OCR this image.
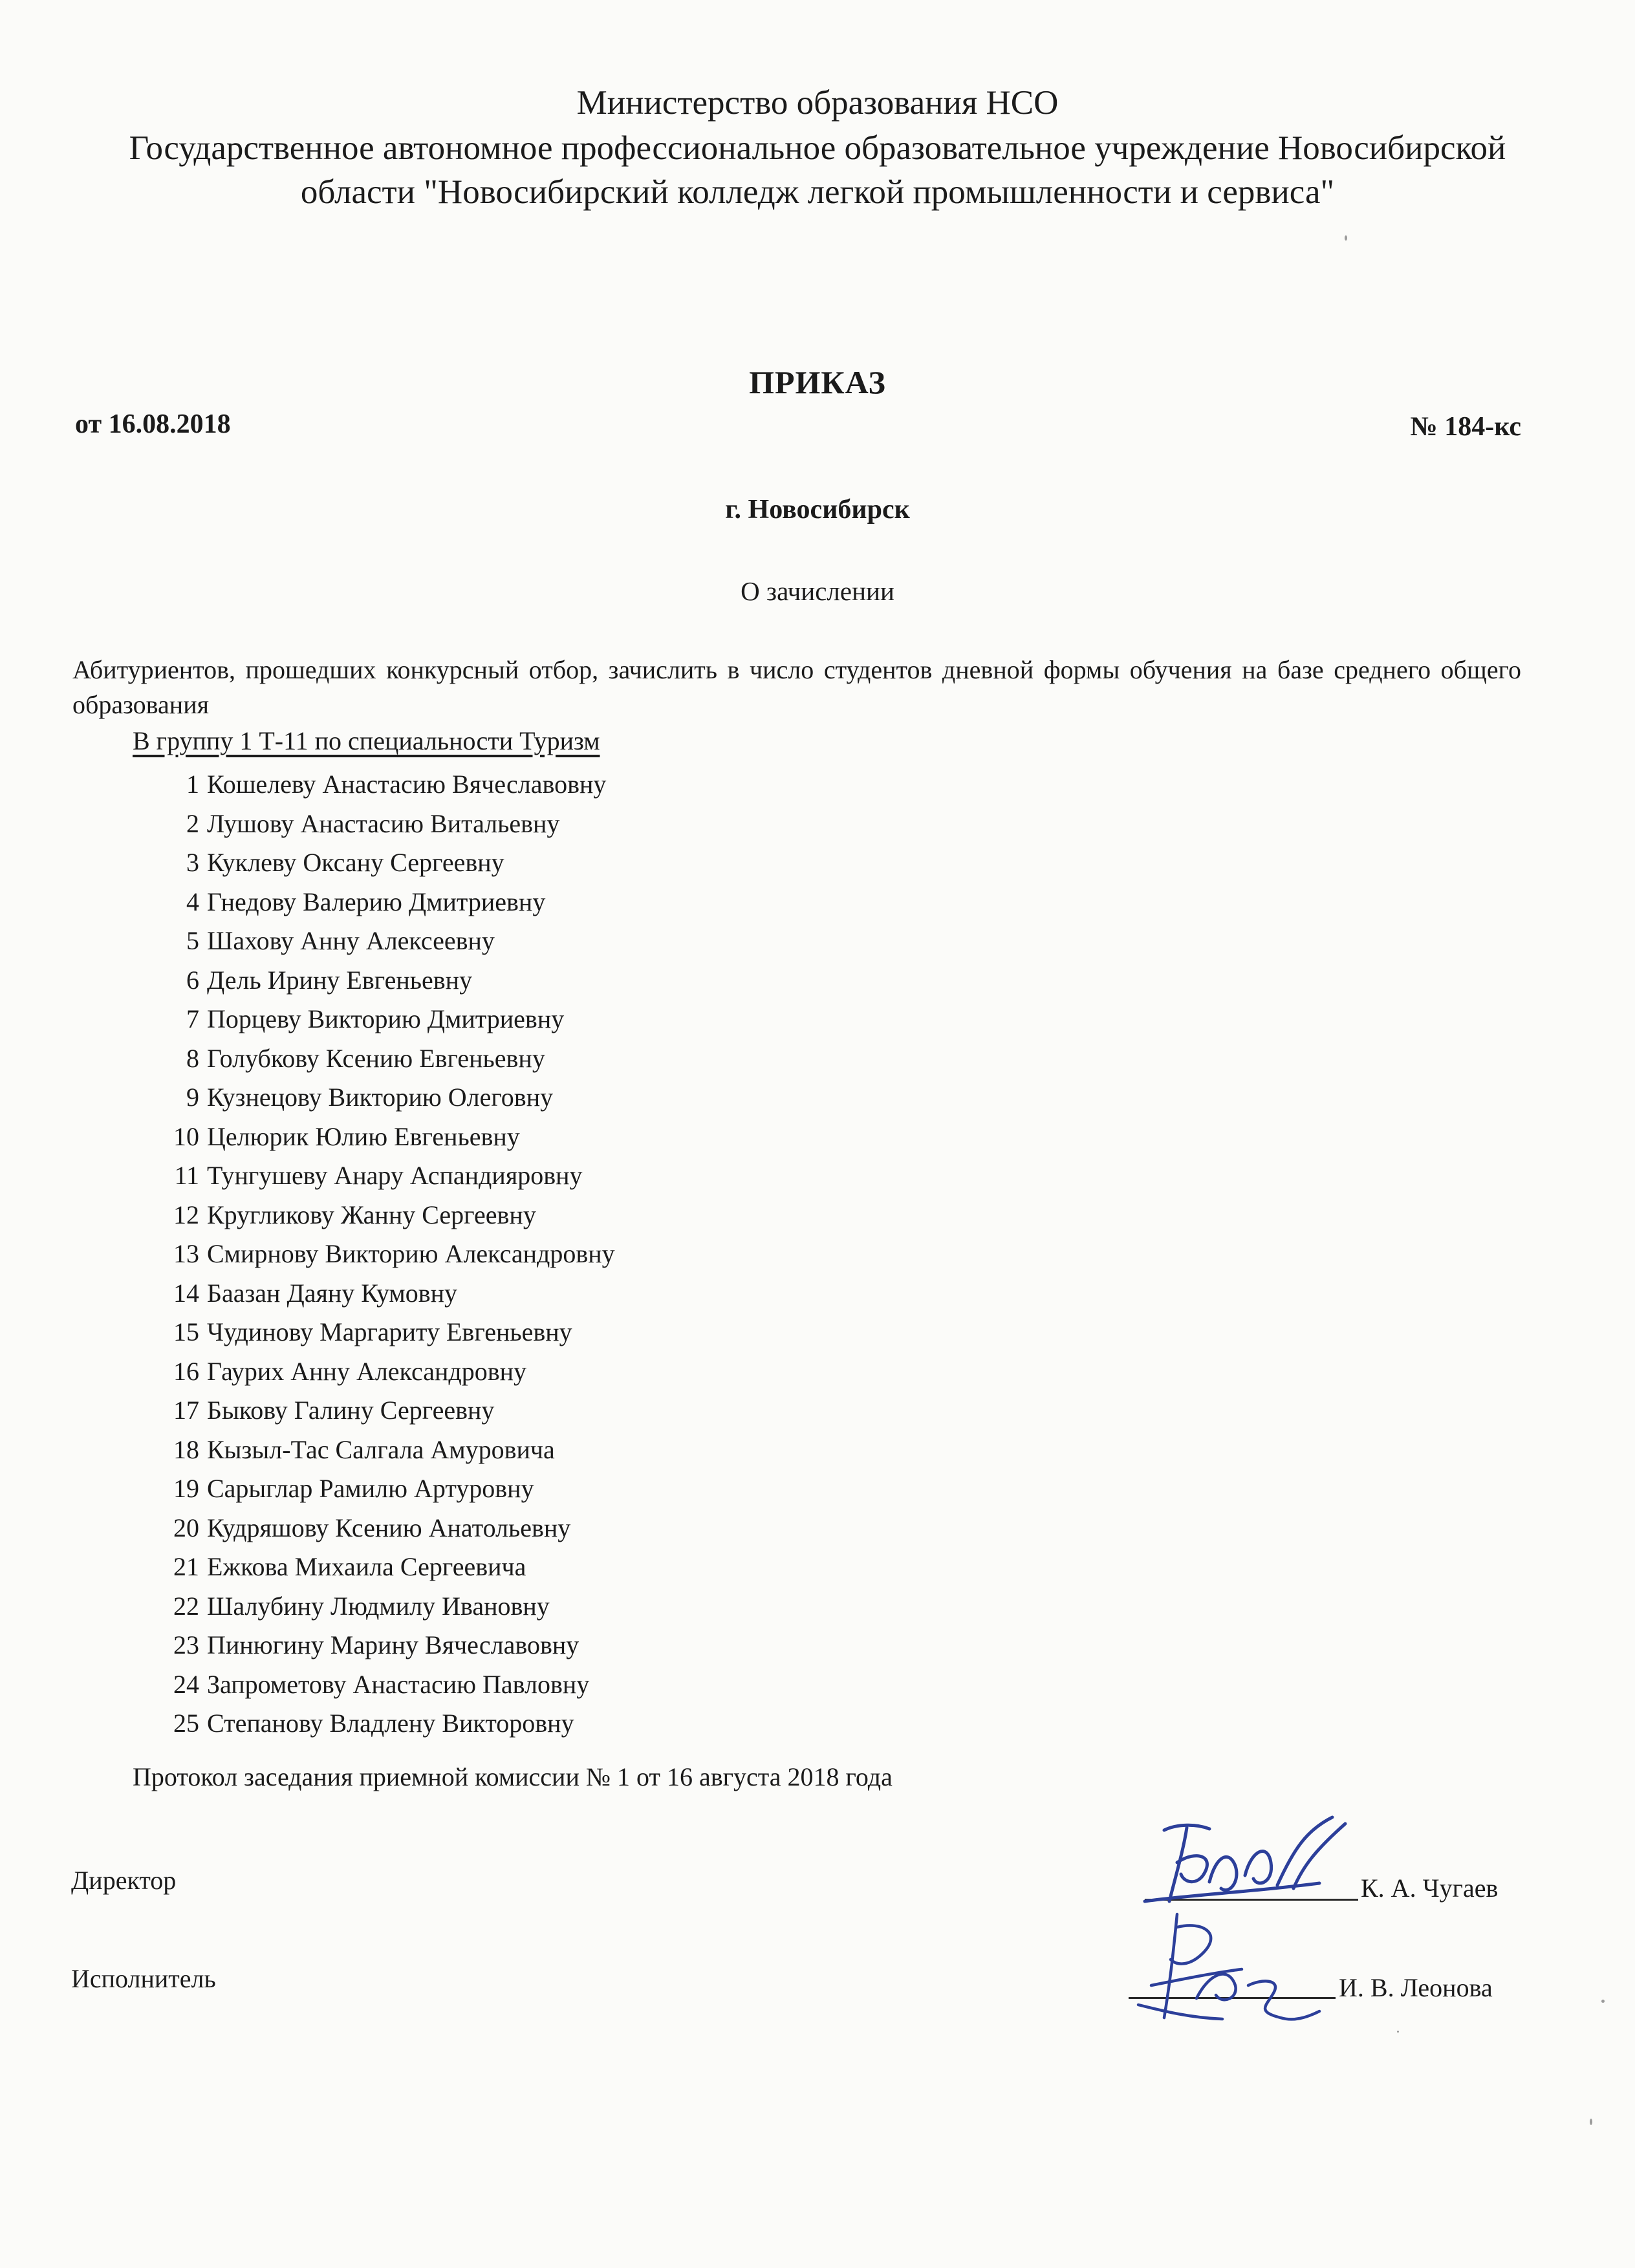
Министерство образования НСО
Государственное автономное профессиональное образовательное учреждение Новосибирской
области "Новосибирский колледж легкой промышленности и сервиса"
ПРИКАЗ
от 16.08.2018	№ 184-кс
г. Новосибирск
О зачислении
Абитуриентов, прошедших конкурсный отбор, зачислить в число студентов дневной формы обучения на базе среднего общего образования
В группу 1 Т-11 по специальности Туризм
1 Кошелеву Анастасию Вячеславовну
2 Лушову Анастасию Витальевну
3 Куклеву Оксану Сергеевну
4 Гнедову Валерию Дмитриевну
5 Шахову Анну Алексеевну
6 Дель Ирину Евгеньевну
7 Порцеву Викторию Дмитриевну
8 Голубкову Ксению Евгеньевну
9 Кузнецову Викторию Олеговну
10 Целюрик Юлию Евгеньевну
11 Тунгушеву Анару Аспандияровну
12 Кругликову Жанну Сергеевну
13 Смирнову Викторию Александровну
14 Баазан Даяну Кумовну
15 Чудинову Маргариту Евгеньевну
16 Гаурих Анну Александровну
17 Быкову Галину Сергеевну
18 Кызыл-Тас Салгала Амуровича
19 Сарыглар Рамилю Артуровну
20 Кудряшову Ксению Анатольевну
21 Ежкова Михаила Сергеевича
22 Шалубину Людмилу Ивановну
23 Пинюгину Марину Вячеславовну
24 Запрометову Анастасию Павловну
25 Степанову Владлену Викторовну
Протокол заседания приемной комиссии № 1 от 16 августа 2018 года
Директор	К. А. Чугаев
Исполнитель	И. В. Леонова
